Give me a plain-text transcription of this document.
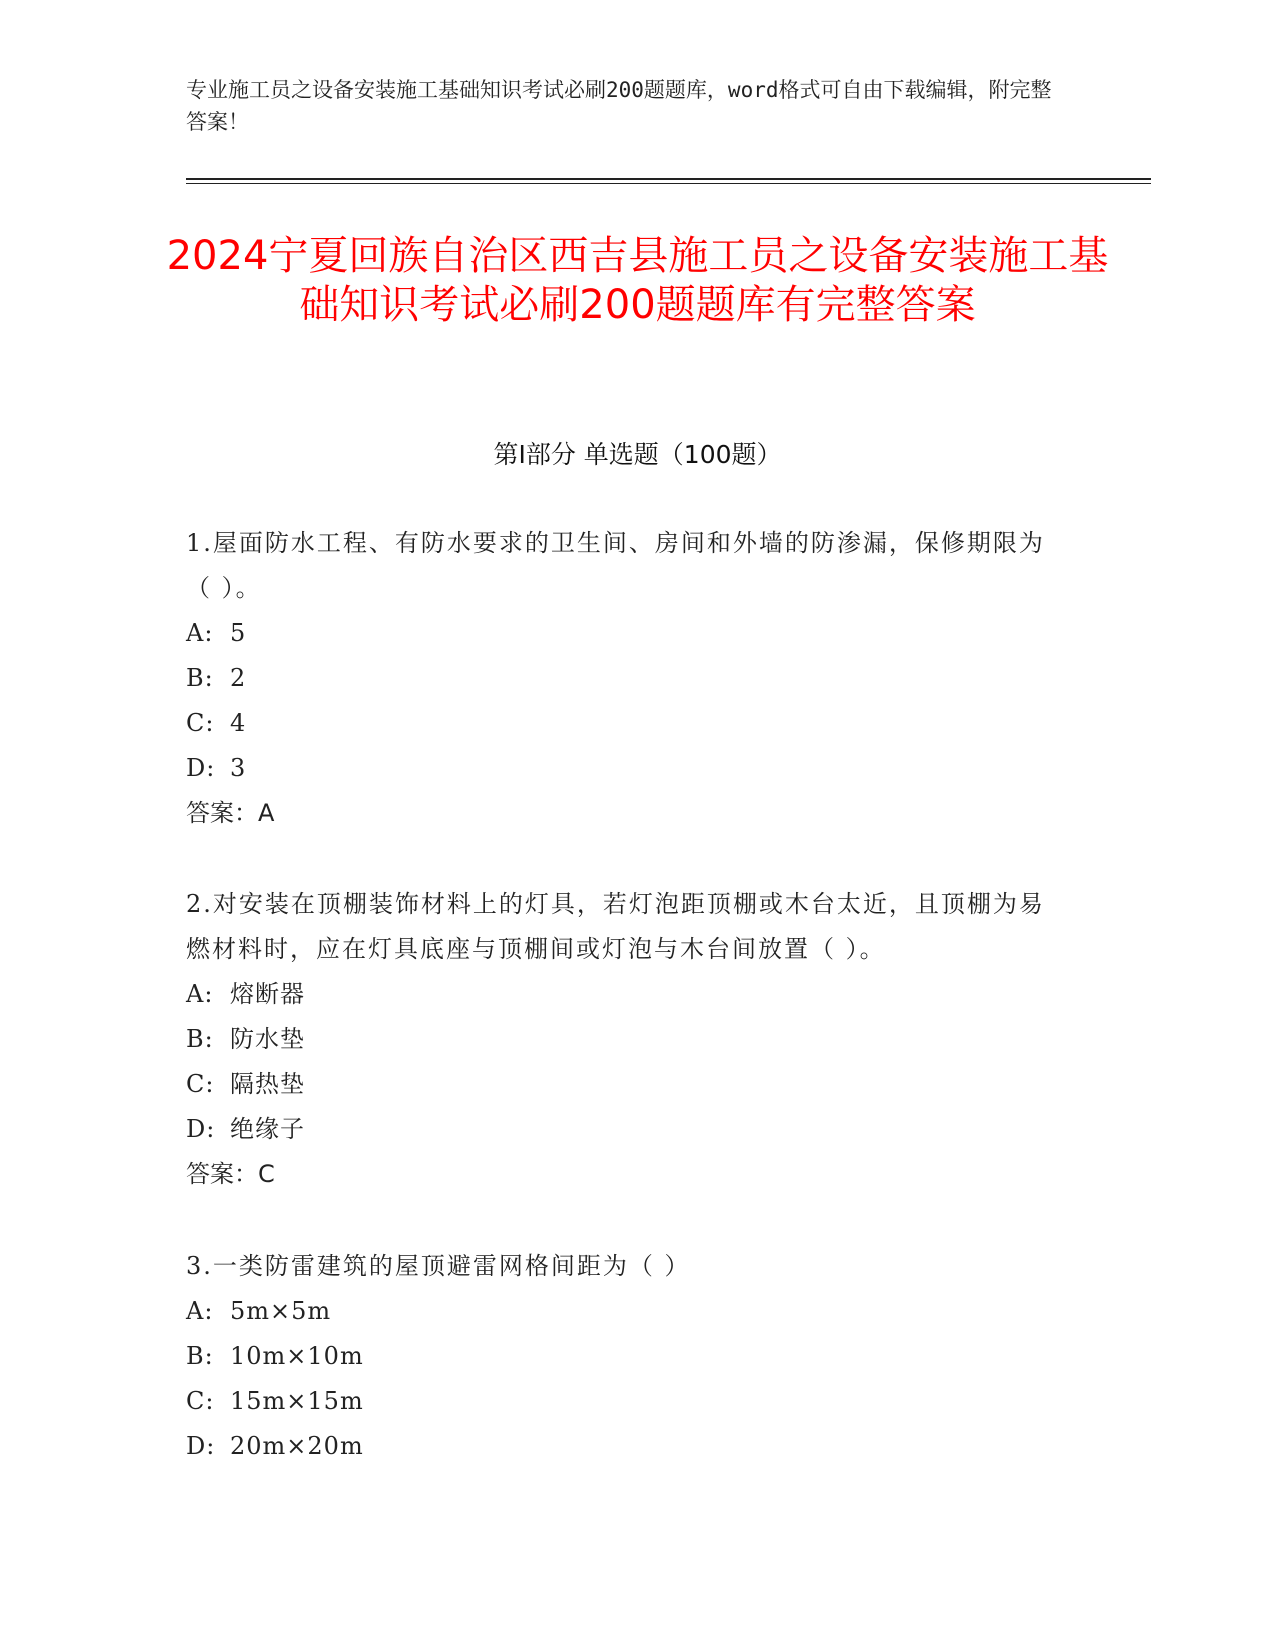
专业施工员之设备安装施工基础知识考试必刷200题题库，word格式可自由下载编辑，附完整答案！
2024宁夏回族自治区西吉县施工员之设备安装施工基础知识考试必刷200题题库有完整答案
第I部分 单选题（100题）

1.屋面防水工程、有防水要求的卫生间、房间和外墙的防渗漏，保修期限为（ ）。

A: 5

B: 2

C: 4

D: 3

答案：A

2.对安装在顶棚装饰材料上的灯具，若灯泡距顶棚或木台太近，且顶棚为易燃材料时，应在灯具底座与顶棚间或灯泡与木台间放置（ ）。

A: 熔断器

B: 防水垫

C: 隔热垫

D: 绝缘子

答案：C

3.一类防雷建筑的屋顶避雷网格间距为（ ）

A: 5m×5m

B: 10m×10m

C: 15m×15m

D: 20m×20m
